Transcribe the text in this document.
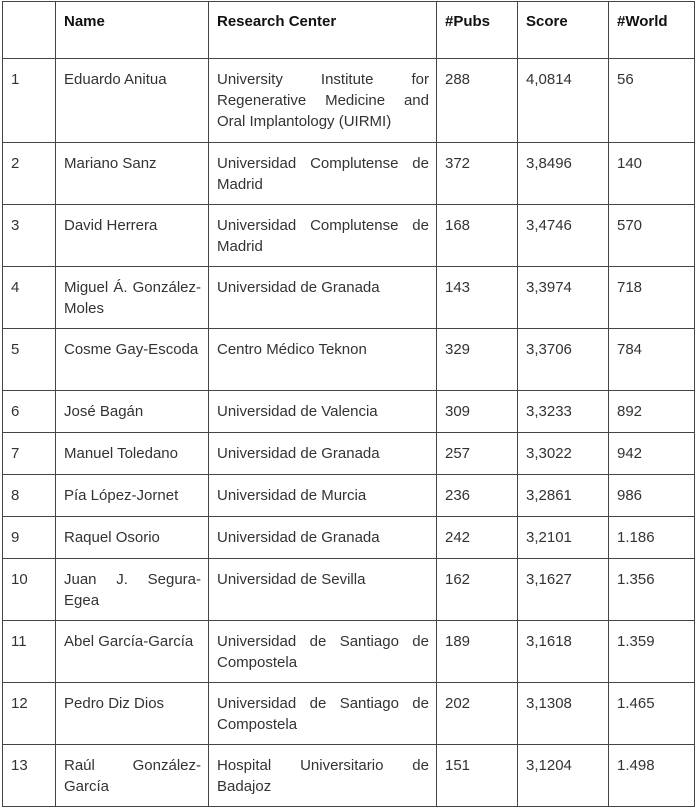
	Name	Research Center	#Pubs	Score	#World
1	Eduardo Anitua	University Institute for Regenerative Medicine and Oral Implantology (UIRMI)	288	4,0814	56
2	Mariano Sanz	Universidad Complutense de Madrid	372	3,8496	140
3	David Herrera	Universidad Complutense de Madrid	168	3,4746	570
4	Miguel Á. González-Moles	Universidad de Granada	143	3,3974	718
5	Cosme Gay-Escoda	Centro Médico Teknon	329	3,3706	784
6	José Bagán	Universidad de Valencia	309	3,3233	892
7	Manuel Toledano	Universidad de Granada	257	3,3022	942
8	Pía López-Jornet	Universidad de Murcia	236	3,2861	986
9	Raquel Osorio	Universidad de Granada	242	3,2101	1.186
10	Juan J. Segura-Egea	Universidad de Sevilla	162	3,1627	1.356
11	Abel García-García	Universidad de Santiago de Compostela	189	3,1618	1.359
12	Pedro Diz Dios	Universidad de Santiago de Compostela	202	3,1308	1.465
13	Raúl González-García	Hospital Universitario de Badajoz	151	3,1204	1.498
